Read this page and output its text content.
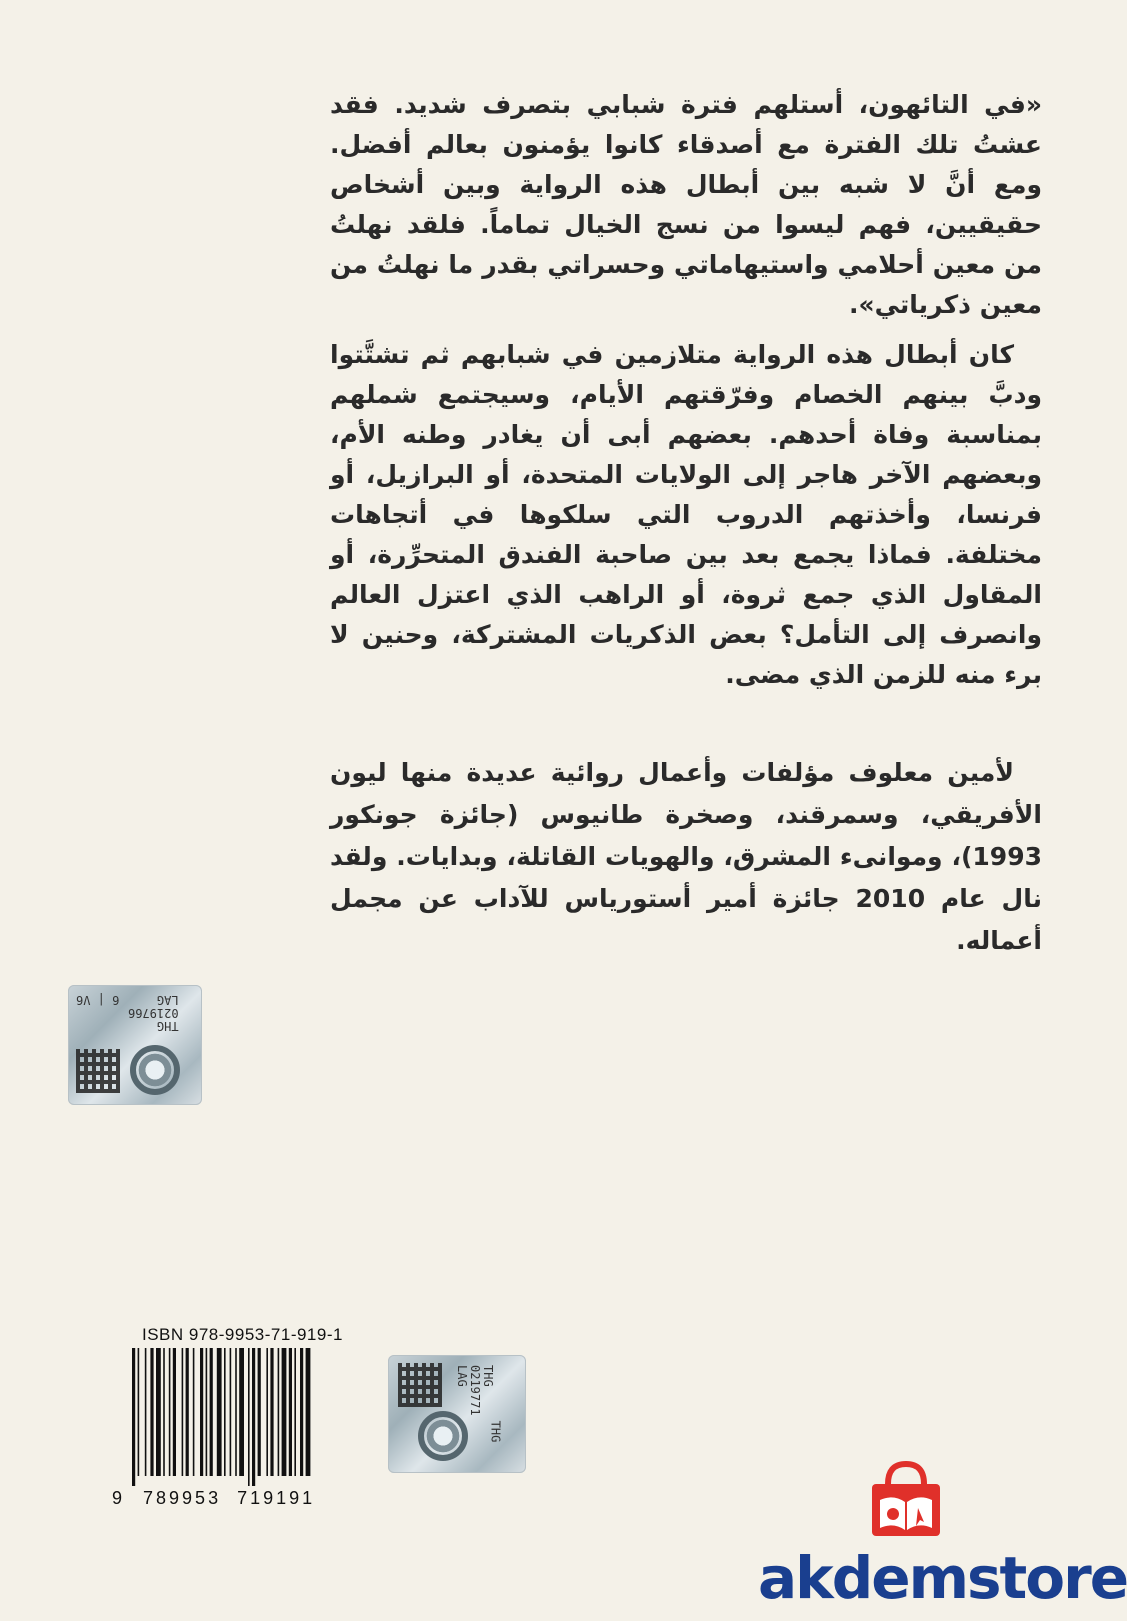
«في التائهون، أستلهم فترة شبابي بتصرف شديد. فقد عشتُ تلك الفترة مع أصدقاء كانوا يؤمنون بعالم أفضل. ومع أنَّ لا شبه بين أبطال هذه الرواية وبين أشخاص حقيقيين، فهم ليسوا من نسج الخيال تماماً. فلقد نهلتُ من معين أحلامي واستيهاماتي وحسراتي بقدر ما نهلتُ من معين ذكرياتي».

كان أبطال هذه الرواية متلازمين في شبابهم ثم تشتَّتوا ودبَّ بينهم الخصام وفرّقتهم الأيام، وسيجتمع شملهم بمناسبة وفاة أحدهم. بعضهم أبى أن يغادر وطنه الأم، وبعضهم الآخر هاجر إلى الولايات المتحدة، أو البرازيل، أو فرنسا، وأخذتهم الدروب التي سلكوها في أتجاهات مختلفة. فماذا يجمع بعد بين صاحبة الفندق المتحرِّرة، أو المقاول الذي جمع ثروة، أو الراهب الذي اعتزل العالم وانصرف إلى التأمل؟ بعض الذكريات المشتركة، وحنين لا برء منه للزمن الذي مضى.

لأمين معلوف مؤلفات وأعمال روائية عديدة منها ليون الأفريقي، وسمرقند، وصخرة طانيوس (جائزة جونكور 1993)، وموانىء المشرق، والهويات القاتلة، وبدايات. ولقد نال عام 2010 جائزة أمير أستورياس للآداب عن مجمل أعماله.

THG
0219766
LAG
6 | V6
ISBN 978-9953-71-919-1
9 789953  719191
THG
0219771
LAG
THG
akdemstore
